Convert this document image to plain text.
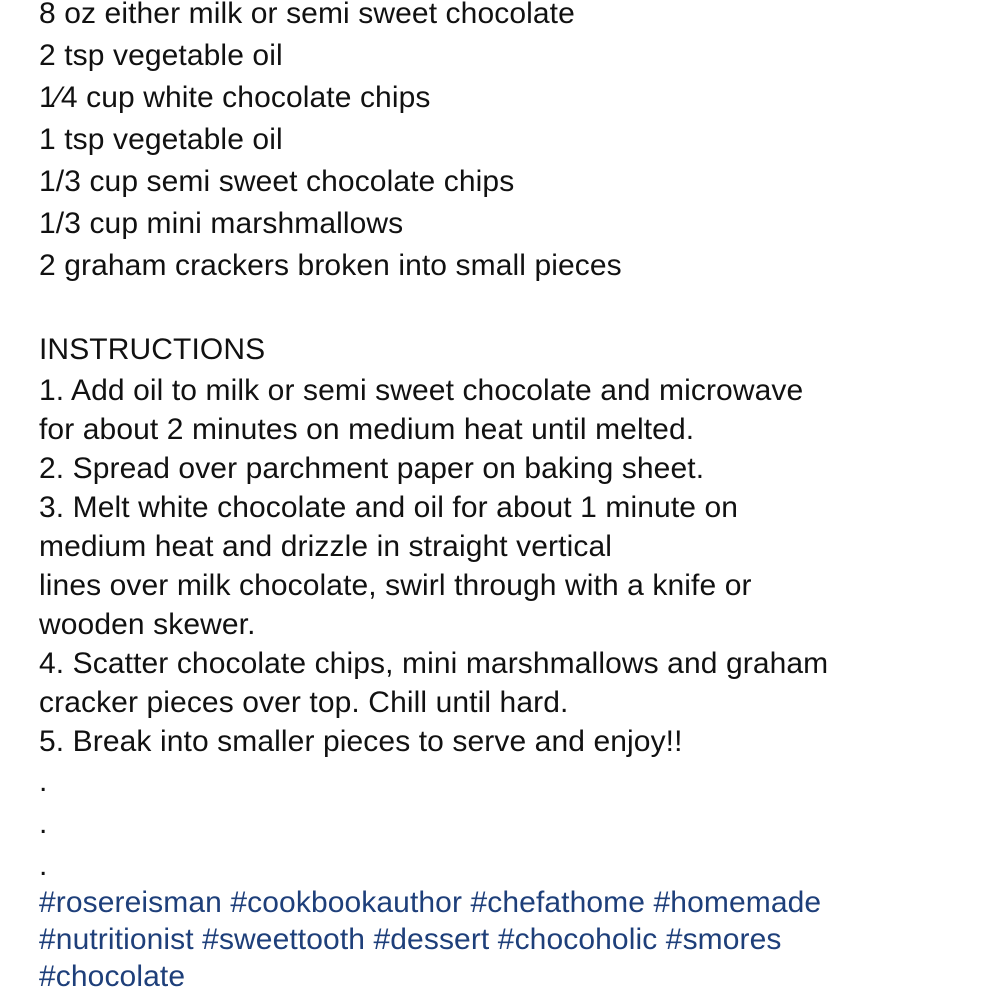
8 oz either milk or semi sweet chocolate
2 tsp vegetable oil
1⁄4 cup white chocolate chips
1 tsp vegetable oil
1/3 cup semi sweet chocolate chips
1/3 cup mini marshmallows
2 graham crackers broken into small pieces
INSTRUCTIONS
1. Add oil to milk or semi sweet chocolate and microwave
for about 2 minutes on medium heat until melted.
2. Spread over parchment paper on baking sheet.
3. Melt white chocolate and oil for about 1 minute on
medium heat and drizzle in straight vertical
lines over milk chocolate, swirl through with a knife or
wooden skewer.
4. Scatter chocolate chips, mini marshmallows and graham
cracker pieces over top. Chill until hard.
5. Break into smaller pieces to serve and enjoy!!
.
.
.
#rosereisman #cookbookauthor #chefathome #homemade
#nutritionist #sweettooth #dessert #chocoholic #smores
#chocolate
